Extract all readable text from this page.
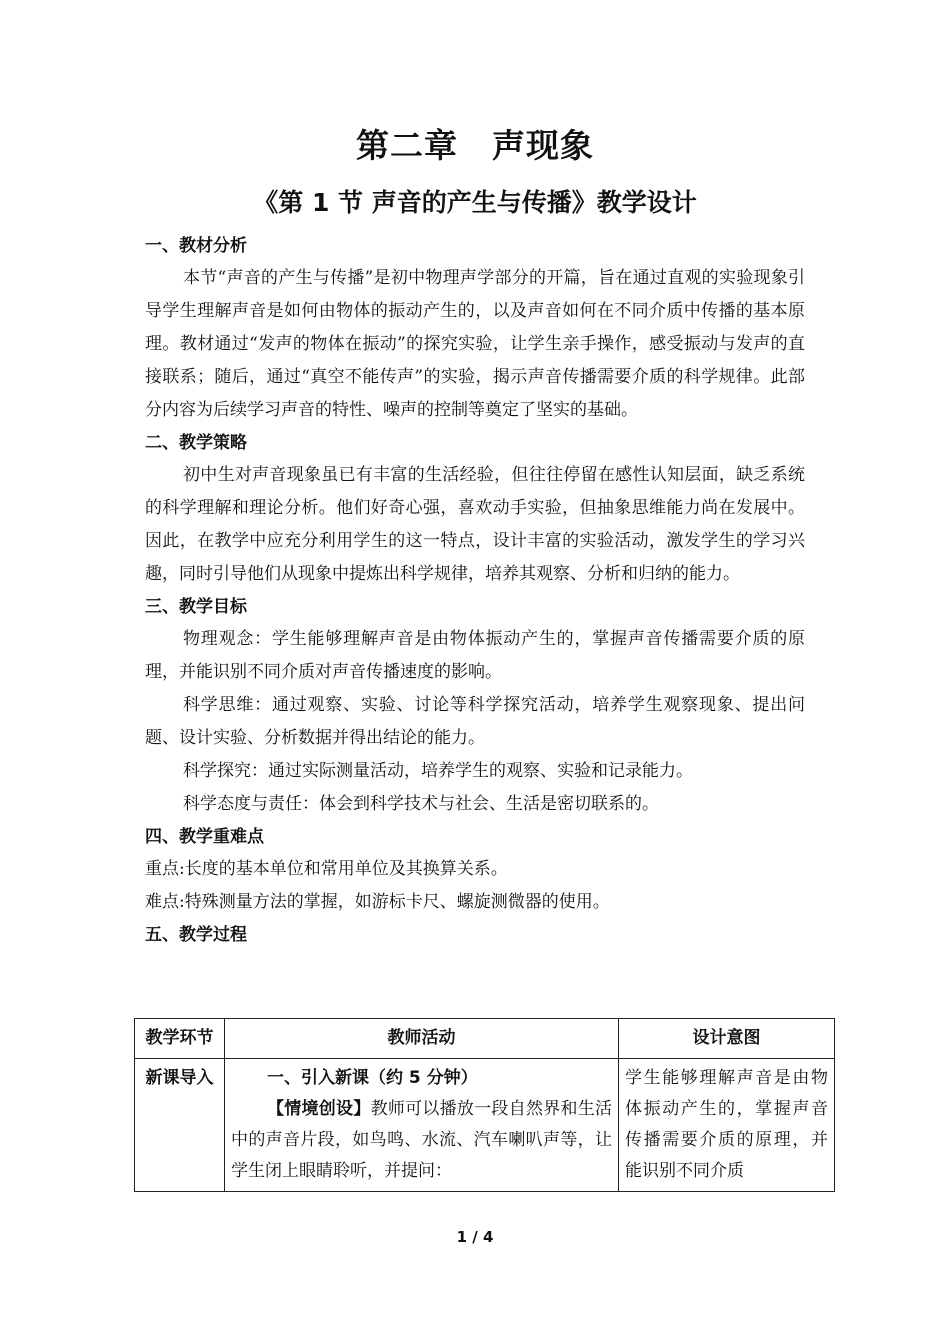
第二章　声现象
《第 1 节 声音的产生与传播》教学设计
一、教材分析

本节“声音的产生与传播”是初中物理声学部分的开篇，旨在通过直观的实验现象引导学生理解声音是如何由物体的振动产生的，以及声音如何在不同介质中传播的基本原理。教材通过“发声的物体在振动”的探究实验，让学生亲手操作，感受振动与发声的直接联系；随后，通过“真空不能传声”的实验，揭示声音传播需要介质的科学规律。此部分内容为后续学习声音的特性、噪声的控制等奠定了坚实的基础。

二、教学策略

初中生对声音现象虽已有丰富的生活经验，但往往停留在感性认知层面，缺乏系统的科学理解和理论分析。他们好奇心强，喜欢动手实验，但抽象思维能力尚在发展中。因此，在教学中应充分利用学生的这一特点，设计丰富的实验活动，激发学生的学习兴趣，同时引导他们从现象中提炼出科学规律，培养其观察、分析和归纳的能力。

三、教学目标

物理观念：学生能够理解声音是由物体振动产生的，掌握声音传播需要介质的原理，并能识别不同介质对声音传播速度的影响。

科学思维：通过观察、实验、讨论等科学探究活动，培养学生观察现象、提出问题、设计实验、分析数据并得出结论的能力。

科学探究：通过实际测量活动，培养学生的观察、实验和记录能力。

科学态度与责任：体会到科学技术与社会、生活是密切联系的。

四、教学重难点

重点:长度的基本单位和常用单位及其换算关系。

难点:特殊测量方法的掌握，如游标卡尺、螺旋测微器的使用。

五、教学过程
教学环节	教师活动	设计意图
新课导入	一、引入新课（约 5 分钟）
【情境创设】教师可以播放一段自然界和生活中的声音片段，如鸟鸣、水流、汽车喇叭声等，让学生闭上眼睛聆听，并提问：	学生能够理解声音是由物体振动产生的，掌握声音传播需要介质的原理，并能识别不同介质
1 / 4
